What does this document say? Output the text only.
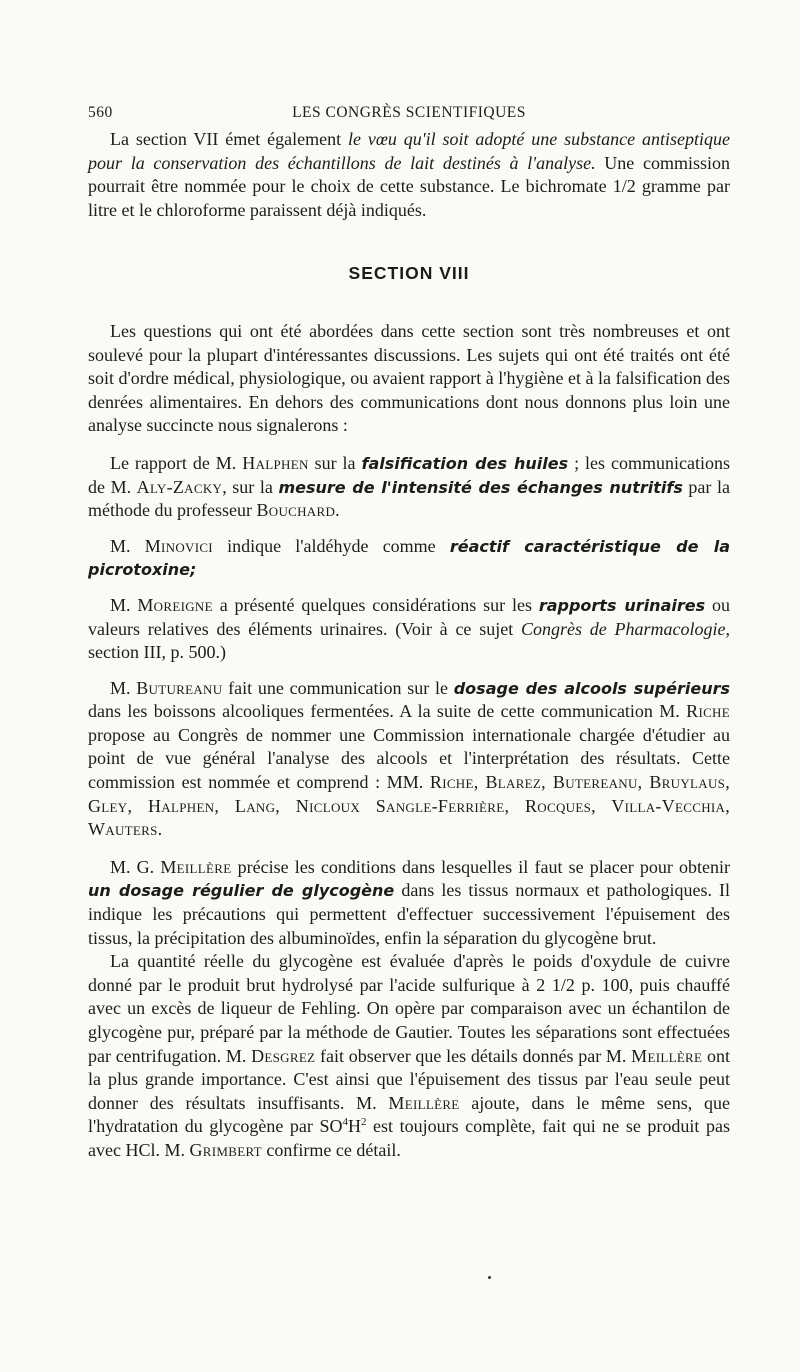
560	LES CONGRÈS SCIENTIFIQUES

La section VII émet également le vœu qu'il soit adopté une substance antiseptique pour la conservation des échantillons de lait destinés à l'analyse. Une commission pourrait être nommée pour le choix de cette substance. Le bichromate 1/2 gramme par litre et le chloroforme paraissent déjà indiqués.

SECTION VIII

Les questions qui ont été abordées dans cette section sont très nombreuses et ont soulevé pour la plupart d'intéressantes discussions. Les sujets qui ont été traités ont été soit d'ordre médical, physiologique, ou avaient rapport à l'hygiène et à la falsification des denrées alimentaires. En dehors des communications dont nous donnons plus loin une analyse succincte nous signalerons :

Le rapport de M. Halphen sur la falsification des huiles ; les communications de M. Aly-Zacky, sur la mesure de l'intensité des échanges nutritifs par la méthode du professeur Bouchard.

M. Minovici indique l'aldéhyde comme réactif caractéristique de la picrotoxine;

M. Moreigne a présenté quelques considérations sur les rapports urinaires ou valeurs relatives des éléments urinaires. (Voir à ce sujet Congrès de Pharmacologie, section III, p. 500.)

M. Butureanu fait une communication sur le dosage des alcools supérieurs dans les boissons alcooliques fermentées. A la suite de cette communication M. Riche propose au Congrès de nommer une Commission internationale chargée d'étudier au point de vue général l'analyse des alcools et l'interprétation des résultats. Cette commission est nommée et comprend : MM. Riche, Blarez, Butereanu, Bruylaus, Gley, Halphen, Lang, Nicloux Sangle-Ferrière, Rocques, Villa-Vecchia, Wauters.

M. G. Meillère précise les conditions dans lesquelles il faut se placer pour obtenir un dosage régulier de glycogène dans les tissus normaux et pathologiques. Il indique les précautions qui permettent d'effectuer successivement l'épuisement des tissus, la précipitation des albuminoïdes, enfin la séparation du glycogène brut.

La quantité réelle du glycogène est évaluée d'après le poids d'oxydule de cuivre donné par le produit brut hydrolysé par l'acide sulfurique à 2 1/2 p. 100, puis chauffé avec un excès de liqueur de Fehling. On opère par comparaison avec un échantilon de glycogène pur, préparé par la méthode de Gautier. Toutes les séparations sont effectuées par centrifugation. M. Desgrez fait observer que les détails donnés par M. Meillère ont la plus grande importance. C'est ainsi que l'épuisement des tissus par l'eau seule peut donner des résultats insuffisants. M. Meillère ajoute, dans le même sens, que l'hydratation du glycogène par $SO^4H^2$ est toujours complète, fait qui ne se produit pas avec HCl. M. Grimbert confirme ce détail.
